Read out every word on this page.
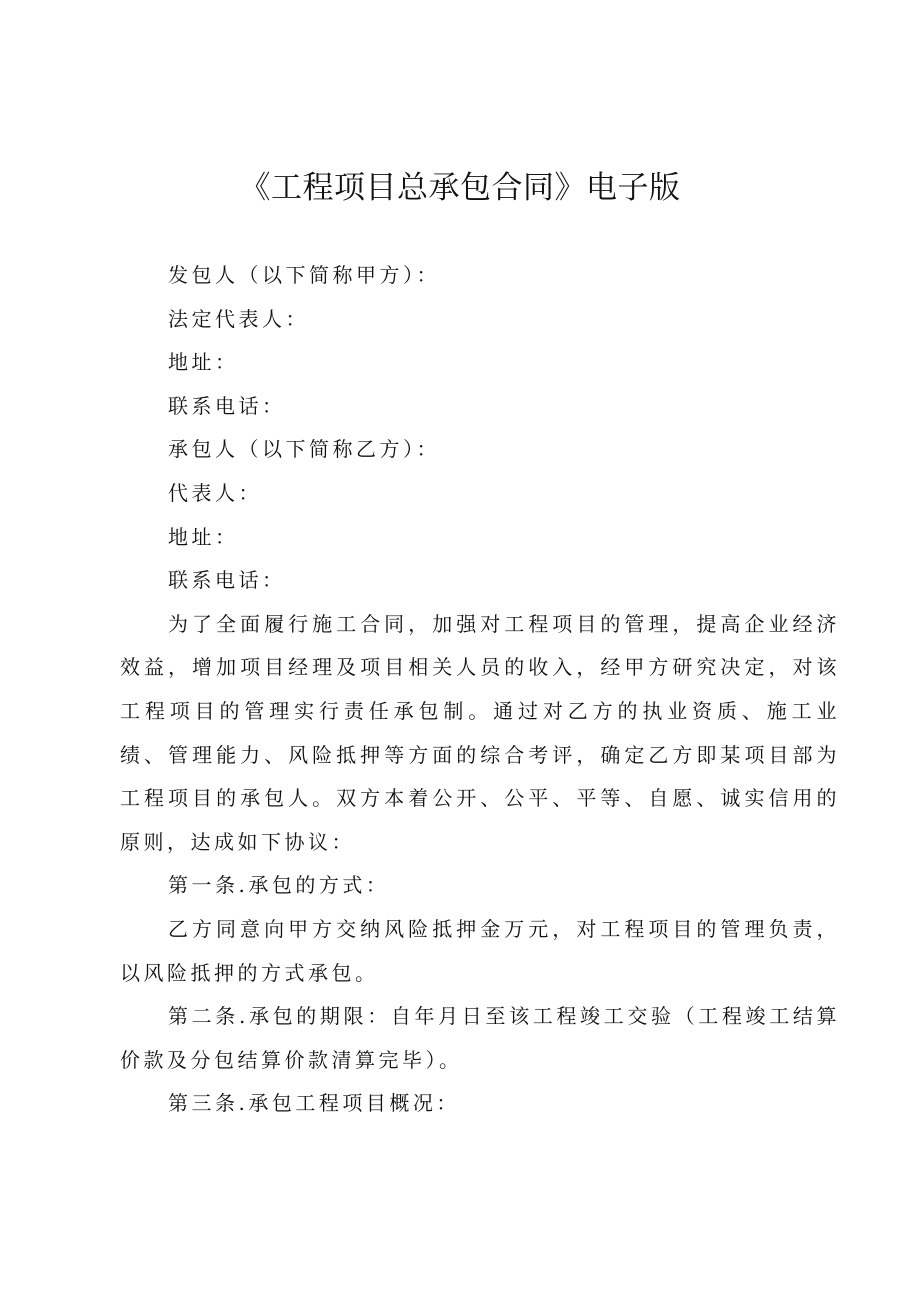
《工程项目总承包合同》电子版

发包人（以下简称甲方）：

法定代表人：

地址：

联系电话：

承包人（以下简称乙方）：

代表人：

地址：

联系电话：

为了全面履行施工合同，加强对工程项目的管理，提高企业经济效益，增加项目经理及项目相关人员的收入，经甲方研究决定，对该工程项目的管理实行责任承包制。通过对乙方的执业资质、施工业绩、管理能力、风险抵押等方面的综合考评，确定乙方即某项目部为工程项目的承包人。双方本着公开、公平、平等、自愿、诚实信用的原则，达成如下协议：

第一条.承包的方式：

乙方同意向甲方交纳风险抵押金万元，对工程项目的管理负责，以风险抵押的方式承包。

第二条.承包的期限：自年月日至该工程竣工交验（工程竣工结算价款及分包结算价款清算完毕）。

第三条.承包工程项目概况：
